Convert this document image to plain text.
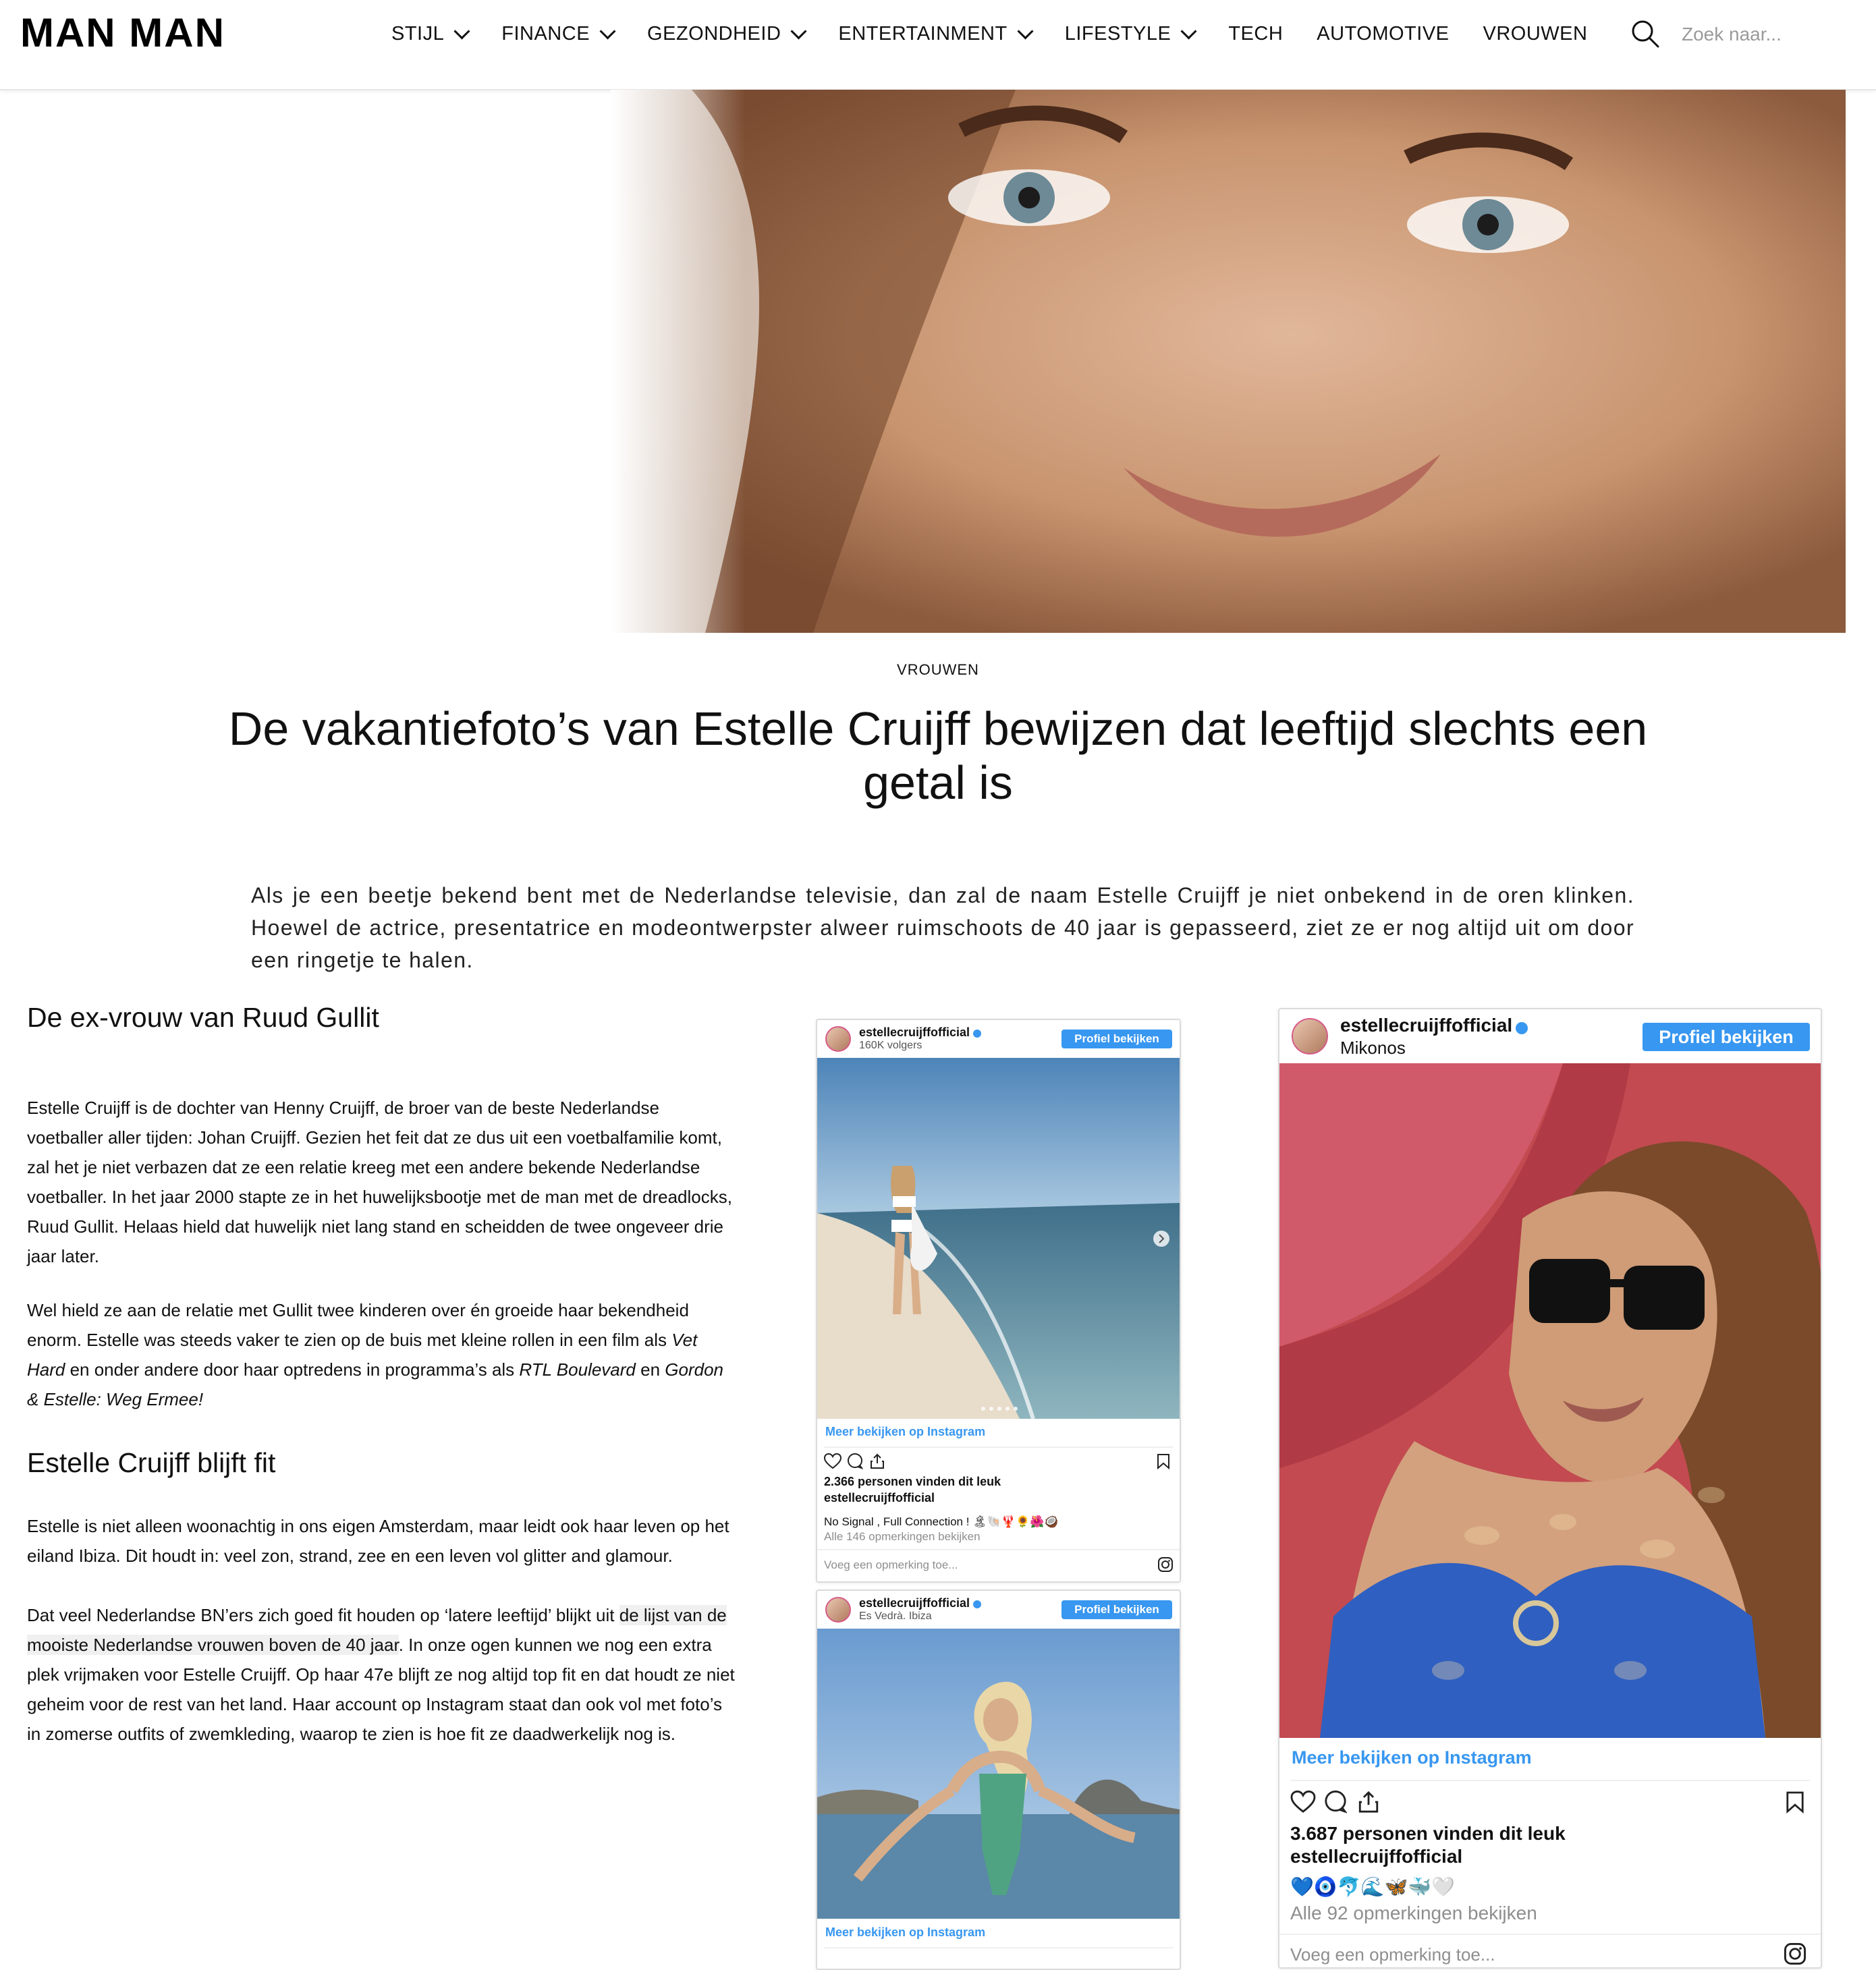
MAN MAN	STIJL	FINANCE	GEZONDHEID	ENTERTAINMENT	LIFESTYLE	TECH AUTOMOTIVE VROUWEN
Zoek naar...
VROUWEN
De vakantiefoto’s van Estelle Cruijff bewijzen dat leeftijd slechts een getal is

Als je een beetje bekend bent met de Nederlandse televisie, dan zal de naam Estelle Cruijff je niet onbekend in de oren klinken. Hoewel de actrice, presentatrice en modeontwerpster alweer ruimschoots de 40 jaar is gepasseerd, ziet ze er nog altijd uit om door een ringetje te halen.

De ex-vrouw van Ruud Gullit

Estelle Cruijff is de dochter van Henny Cruijff, de broer van de beste Nederlandse voetballer aller tijden: Johan Cruijff. Gezien het feit dat ze dus uit een voetbalfamilie komt, zal het je niet verbazen dat ze een relatie kreeg met een andere bekende Nederlandse voetballer. In het jaar 2000 stapte ze in het huwelijksbootje met de man met de dreadlocks, Ruud Gullit. Helaas hield dat huwelijk niet lang stand en scheidden de twee ongeveer drie jaar later.

Wel hield ze aan de relatie met Gullit twee kinderen over én groeide haar bekendheid enorm. Estelle was steeds vaker te zien op de buis met kleine rollen in een film als Vet Hard en onder andere door haar optredens in programma’s als RTL Boulevard en Gordon & Estelle: Weg Ermee!

Estelle Cruijff blijft fit

Estelle is niet alleen woonachtig in ons eigen Amsterdam, maar leidt ook haar leven op het eiland Ibiza. Dit houdt in: veel zon, strand, zee en een leven vol glitter and glamour.

Dat veel Nederlandse BN’ers zich goed fit houden op ‘latere leeftijd’ blijkt uit de lijst van de mooiste Nederlandse vrouwen boven de 40 jaar. In onze ogen kunnen we nog een extra plek vrijmaken voor Estelle Cruijff. Op haar 47e blijft ze nog altijd top fit en dat houdt ze niet geheim voor de rest van het land. Haar account op Instagram staat dan ook vol met foto’s in zomerse outfits of zwemkleding, waarop te zien is hoe fit ze daadwerkelijk nog is.

estellecruijffofficial
160K volgers
Profiel bekijken
Meer bekijken op Instagram
2.366 personen vinden dit leuk
estellecruijffofficial
No Signal , Full Connection ! 🏝🐚🦞🌻🌺🥥
Alle 146 opmerkingen bekijken
Voeg een opmerking toe...
estellecruijffofficial
Es Vedrà. Ibiza
Profiel bekijken
Meer bekijken op Instagram
estellecruijffofficial
Mikonos
Profiel bekijken
Meer bekijken op Instagram
3.687 personen vinden dit leuk
estellecruijffofficial
💙🧿🐬🌊🦋🐳🤍
Alle 92 opmerkingen bekijken
Voeg een opmerking toe...
